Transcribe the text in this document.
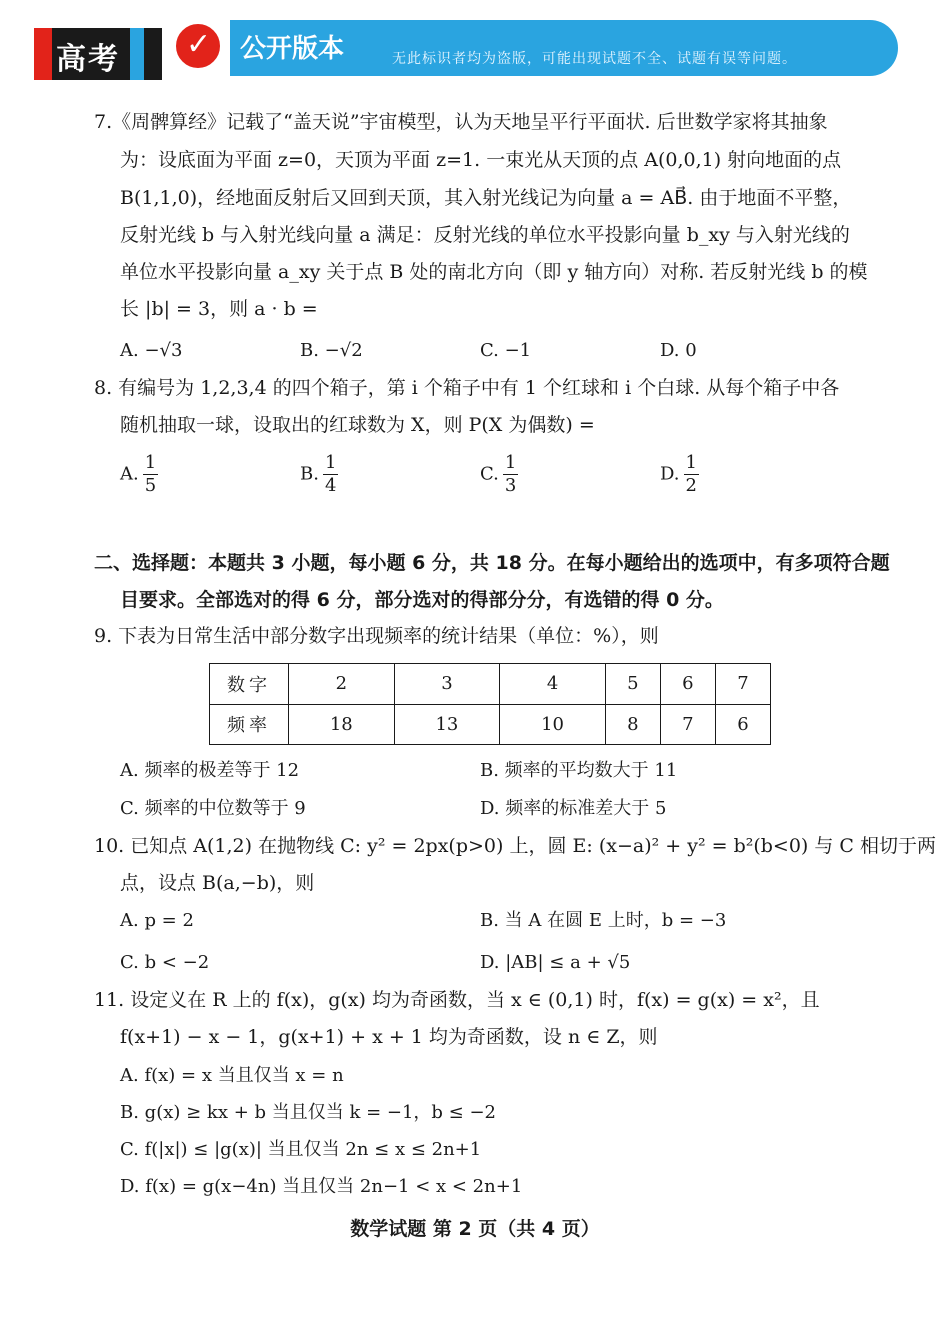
高考 ✓ 公开版本	无此标识者均为盗版，可能出现试题不全、试题有误等问题。
7.《周髀算经》记载了“盖天说”宇宙模型，认为天地呈平行平面状. 后世数学家将其抽象
为：设底面为平面 z=0，天顶为平面 z=1. 一束光从天顶的点 A(0,0,1) 射向地面的点
B(1,1,0)，经地面反射后又回到天顶，其入射光线记为向量 a = AB⃗. 由于地面不平整，
反射光线 b 与入射光线向量 a 满足：反射光线的单位水平投影向量 b_xy 与入射光线的
单位水平投影向量 a_xy 关于点 B 处的南北方向（即 y 轴方向）对称. 若反射光线 b 的模
长 |b| = 3，则 a · b =
A. −√3	B. −√2	C. −1	D. 0
8. 有编号为 1,2,3,4 的四个箱子，第 i 个箱子中有 1 个红球和 i 个白球. 从每个箱子中各
随机抽取一球，设取出的红球数为 X，则 P(X 为偶数) =
A. $\frac{1}{5}$	B. $\frac{1}{4}$	C. $\frac{1}{3}$	D. $\frac{1}{2}$
二、选择题：本题共 3 小题，每小题 6 分，共 18 分。在每小题给出的选项中，有多项符合题
目要求。全部选对的得 6 分，部分选对的得部分分，有选错的得 0 分。
9. 下表为日常生活中部分数字出现频率的统计结果（单位：%），则
数字	2	3	4	5	6	7
频率	18	13	10	8	7	6
A. 频率的极差等于 12	B. 频率的平均数大于 11
C. 频率的中位数等于 9	D. 频率的标准差大于 5
10. 已知点 A(1,2) 在抛物线 C: y² = 2px(p>0) 上，圆 E: (x−a)² + y² = b²(b<0) 与 C 相切于两
点，设点 B(a,−b)，则
A. p = 2	B. 当 A 在圆 E 上时，b = −3
C. b < −2	D. |AB| ≤ a + √5
11. 设定义在 R 上的 f(x)，g(x) 均为奇函数，当 x ∈ (0,1) 时，f(x) = g(x) = x²，且
f(x+1) − x − 1，g(x+1) + x + 1 均为奇函数，设 n ∈ Z，则
A. f(x) = x 当且仅当 x = n
B. g(x) ≥ kx + b 当且仅当 k = −1，b ≤ −2
C. f(|x|) ≤ |g(x)| 当且仅当 2n ≤ x ≤ 2n+1
D. f(x) = g(x−4n) 当且仅当 2n−1 < x < 2n+1
数学试题 第 2 页（共 4 页）
